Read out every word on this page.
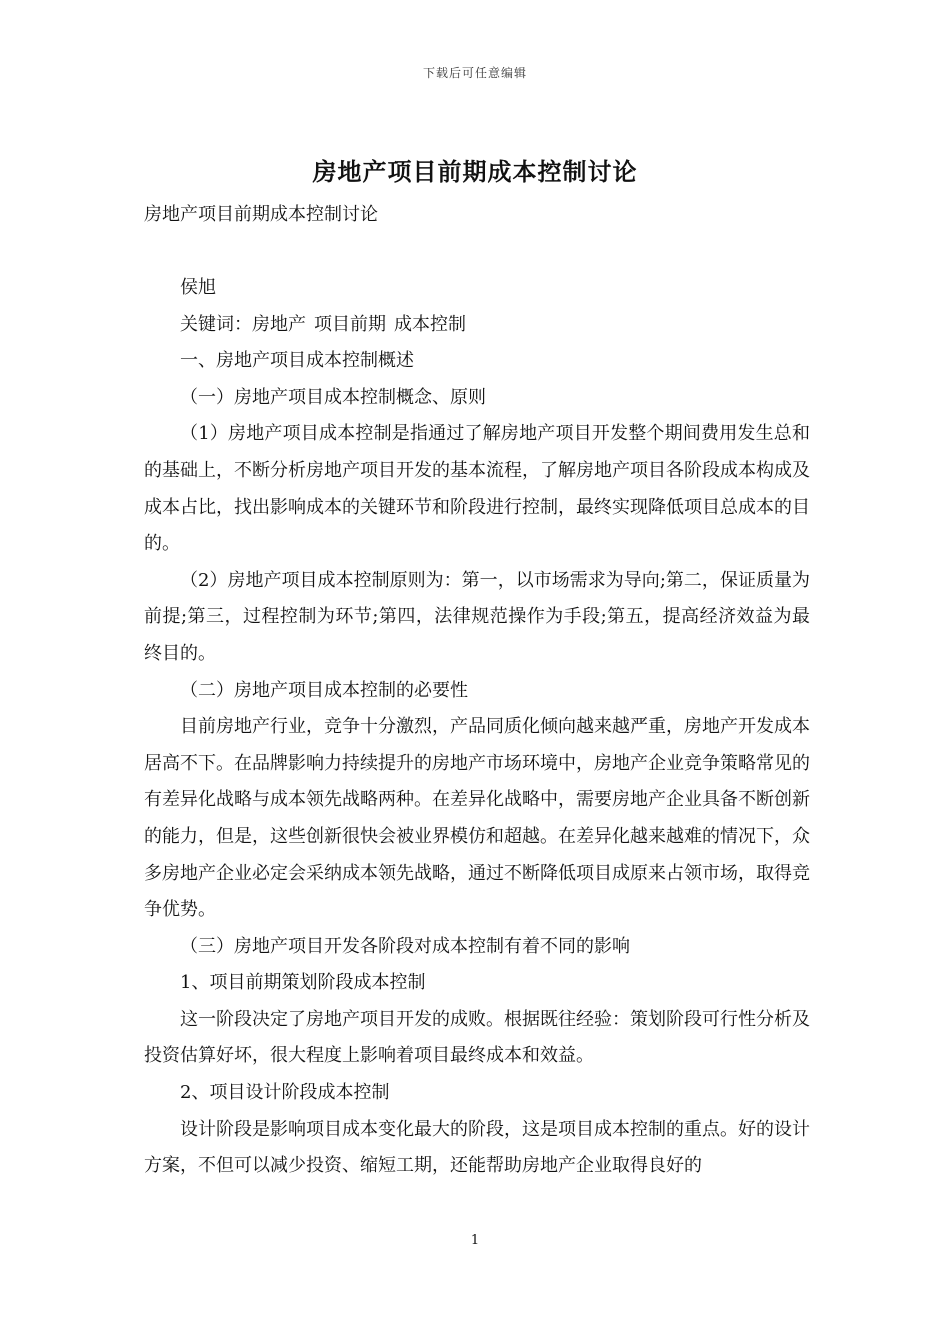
下载后可任意编辑
房地产项目前期成本控制讨论
房地产项目前期成本控制讨论

侯旭

关键词：房地产 项目前期 成本控制

一、房地产项目成本控制概述

（一）房地产项目成本控制概念、原则

（1）房地产项目成本控制是指通过了解房地产项目开发整个期间费用发生总和的基础上，不断分析房地产项目开发的基本流程，了解房地产项目各阶段成本构成及成本占比，找出影响成本的关键环节和阶段进行控制，最终实现降低项目总成本的目的。

（2）房地产项目成本控制原则为：第一，以市场需求为导向;第二，保证质量为前提;第三，过程控制为环节;第四，法律规范操作为手段;第五，提高经济效益为最终目的。

（二）房地产项目成本控制的必要性

目前房地产行业，竞争十分激烈，产品同质化倾向越来越严重，房地产开发成本居高不下。在品牌影响力持续提升的房地产市场环境中，房地产企业竞争策略常见的有差异化战略与成本领先战略两种。在差异化战略中，需要房地产企业具备不断创新的能力，但是，这些创新很快会被业界模仿和超越。在差异化越来越难的情况下，众多房地产企业必定会采纳成本领先战略，通过不断降低项目成原来占领市场，取得竞争优势。

（三）房地产项目开发各阶段对成本控制有着不同的影响

1、项目前期策划阶段成本控制

这一阶段决定了房地产项目开发的成败。根据既往经验：策划阶段可行性分析及投资估算好坏，很大程度上影响着项目最终成本和效益。

2、项目设计阶段成本控制

设计阶段是影响项目成本变化最大的阶段，这是项目成本控制的重点。好的设计方案，不但可以减少投资、缩短工期，还能帮助房地产企业取得良好的

1
